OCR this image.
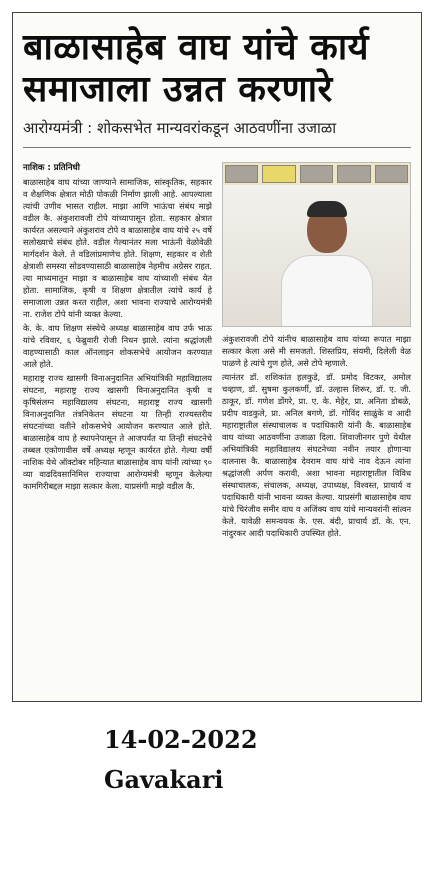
बाळासाहेब वाघ यांचे कार्य
समाजाला उन्नत करणारे
आरोग्यमंत्री : शोकसभेत मान्यवरांकडून आठवणींना उजाळा
नाशिक : प्रतिनिधी

बाळासाहेब वाघ यांच्या जाण्याने सामाजिक, सांस्कृतिक, सहकार व शैक्षणिक क्षेत्रात मोठी पोकळी निर्माण झाली आहे. आपल्याला त्यांची उणीव भासत राहील. माझा आणि भाऊंचा संबंध माझे वडील कै. अंकुशरावजी टोपे यांच्यापासून होता. सहकार क्षेत्रात कार्यरत असल्याने अंकुशराव टोपे व बाळासाहेब वाघ यांचे २५ वर्षे सलोख्याचे संबंध होते. वडील गेल्यानंतर मला भाऊंनी वेळोवेळी मार्गदर्शन केले. ते वडिलांप्रमाणेच होते. शिक्षण, सहकार व शेती क्षेत्राशी समस्या सोडवण्यासाठी बाळासाहेब नेहमीच अग्रेसर राहत. त्या माध्यमातून माझा व बाळासाहेब वाघ यांच्याशी संबंध येत होता. सामाजिक, कृषी व शिक्षण क्षेत्रातील त्यांचे कार्य हे समाजाला उन्नत करत राहील, अशा भावना राज्याचे आरोग्यमंत्री ना. राजेश टोपे यांनी व्यक्त केल्या.

के. के. वाघ शिक्षण संस्थेचे अध्यक्ष बाळासाहेब वाघ उर्फ भाऊ यांचे रविवार, ६ फेब्रुवारी रोजी निधन झाले. त्यांना श्रद्धांजली वाहण्यासाठी काल ऑनलाइन शोकसभेचे आयोजन करण्यात आले होते.

महाराष्ट्र राज्य खासगी विनाअनुदानित अभियांत्रिकी महाविद्यालय संघटना, महाराष्ट्र राज्य खासगी विनाअनुदानित कृषी व कृषिसंलग्न महाविद्यालय संघटना, महाराष्ट्र राज्य खासगी विनाअनुदानित तंत्रनिकेतन संघटना या तिन्ही राज्यस्तरीय संघटनांच्या वतीने शोकसभेचे आयोजन करण्यात आले होते. बाळासाहेब वाघ हे स्थापनेपासून ते आजपर्यंत या तिन्ही संघटनेचे तब्बल एकोणावीस वर्षे अध्यक्ष म्हणून कार्यरत होते. गेल्या वर्षी नाशिक येथे ऑक्टोबर महिन्यात बाळासाहेब वाघ यांनी त्यांच्या ९० व्या वाढदिवसानिमित्त राज्याचा आरोग्यमंत्री म्हणून केलेल्या कामगिरीबद्दल माझा सत्कार केला. याप्रसंगी माझे वडील कै.

अंकुशरावजी टोपे यांनीच बाळासाहेब वाघ यांच्या रूपात माझा सत्कार केला असे मी समजतो. शिस्तप्रिय, संयमी, दिलेली वेळ पाळणे हे त्यांचे गुण होते, असे टोपे म्हणाले.

त्यानंतर डॉ. शशिकांत हलकुडे, डॉ. प्रमोद विटकर, अमोल चव्हाण, डॉ. सुषमा कुलकर्णी, डॉ. उल्हास शिरूर, डॉ. ए. जी. ठाकूर, डॉ. गणेश डोंगरे, प्रा. ए. के. मेहेर, प्रा. अनिता डोबळे, प्रदीप वाडकुले, प्रा. अनिल बगणे, डॉ. गोविंद साळुंके व आदी महाराष्ट्रातील संस्थाचालक व पदाधिकारी यांनी कै. बाळासाहेब वाघ यांच्या आठवणींना उजाळा दिला. शिवाजीनगर पुणे येथील अभियांत्रिकी महाविद्यालय संघटनेच्या नवीन तयार होणाऱ्या दालनास कै. बाळासाहेब देवराम वाघ यांचे नाव देऊन त्यांना श्रद्धांजली अर्पण करावी, अशा भावना महाराष्ट्रातील विविध संस्थाचालक, संचालक, अध्यक्ष, उपाध्यक्ष, विश्वस्त, प्राचार्य व पदाधिकारी यांनी भावना व्यक्त केल्या. याप्रसंगी बाळासाहेब वाघ यांचे चिरंजीव समीर वाघ व अजिंक्य वाघ यांचे मान्यवरांनी सांत्वन केले. यावेळी समन्वयक के. एस. बंदी, प्राचार्य डॉ. के. एन. नांदुरकर आदी पदाधिकारी उपस्थित होते.

14-02-2022
Gavakari
